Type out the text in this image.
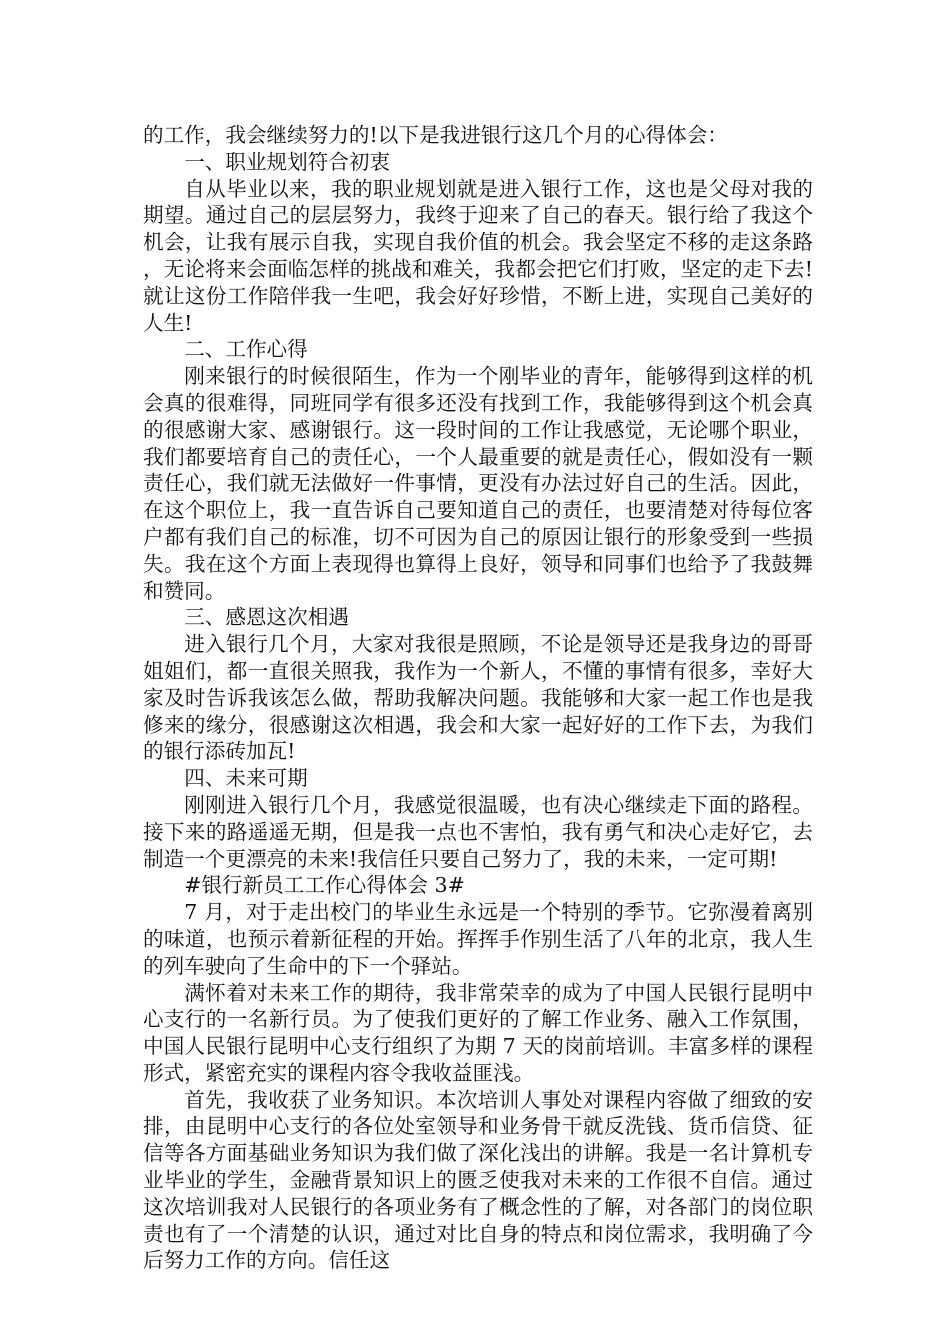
的工作，我会继续努力的!以下是我进银行这几个月的心得体会：

一、职业规划符合初衷

自从毕业以来，我的职业规划就是进入银行工作，这也是父母对我的期望。通过自己的层层努力，我终于迎来了自己的春天。银行给了我这个机会，让我有展示自我，实现自我价值的机会。我会坚定不移的走这条路，无论将来会面临怎样的挑战和难关，我都会把它们打败，坚定的走下去!就让这份工作陪伴我一生吧，我会好好珍惜，不断上进，实现自己美好的人生!

二、工作心得

刚来银行的时候很陌生，作为一个刚毕业的青年，能够得到这样的机会真的很难得，同班同学有很多还没有找到工作，我能够得到这个机会真的很感谢大家、感谢银行。这一段时间的工作让我感觉，无论哪个职业，我们都要培育自己的责任心，一个人最重要的就是责任心，假如没有一颗责任心，我们就无法做好一件事情，更没有办法过好自己的生活。因此，在这个职位上，我一直告诉自己要知道自己的责任，也要清楚对待每位客户都有我们自己的标准，切不可因为自己的原因让银行的形象受到一些损失。我在这个方面上表现得也算得上良好，领导和同事们也给予了我鼓舞和赞同。

三、感恩这次相遇

进入银行几个月，大家对我很是照顾，不论是领导还是我身边的哥哥姐姐们，都一直很关照我，我作为一个新人，不懂的事情有很多，幸好大家及时告诉我该怎么做，帮助我解决问题。我能够和大家一起工作也是我修来的缘分，很感谢这次相遇，我会和大家一起好好的工作下去，为我们的银行添砖加瓦!

四、未来可期

刚刚进入银行几个月，我感觉很温暖，也有决心继续走下面的路程。接下来的路遥遥无期，但是我一点也不害怕，我有勇气和决心走好它，去制造一个更漂亮的未来!我信任只要自己努力了，我的未来，一定可期!

#银行新员工工作心得体会 3#

7 月，对于走出校门的毕业生永远是一个特别的季节。它弥漫着离别的味道，也预示着新征程的开始。挥挥手作别生活了八年的北京，我人生的列车驶向了生命中的下一个驿站。

满怀着对未来工作的期待，我非常荣幸的成为了中国人民银行昆明中心支行的一名新行员。为了使我们更好的了解工作业务、融入工作氛围，中国人民银行昆明中心支行组织了为期 7 天的岗前培训。丰富多样的课程形式，紧密充实的课程内容令我收益匪浅。

首先，我收获了业务知识。本次培训人事处对课程内容做了细致的安排，由昆明中心支行的各位处室领导和业务骨干就反洗钱、货币信贷、征信等各方面基础业务知识为我们做了深化浅出的讲解。我是一名计算机专业毕业的学生，金融背景知识上的匮乏使我对未来的工作很不自信。通过这次培训我对人民银行的各项业务有了概念性的了解，对各部门的岗位职责也有了一个清楚的认识，通过对比自身的特点和岗位需求，我明确了今后努力工作的方向。信任这
